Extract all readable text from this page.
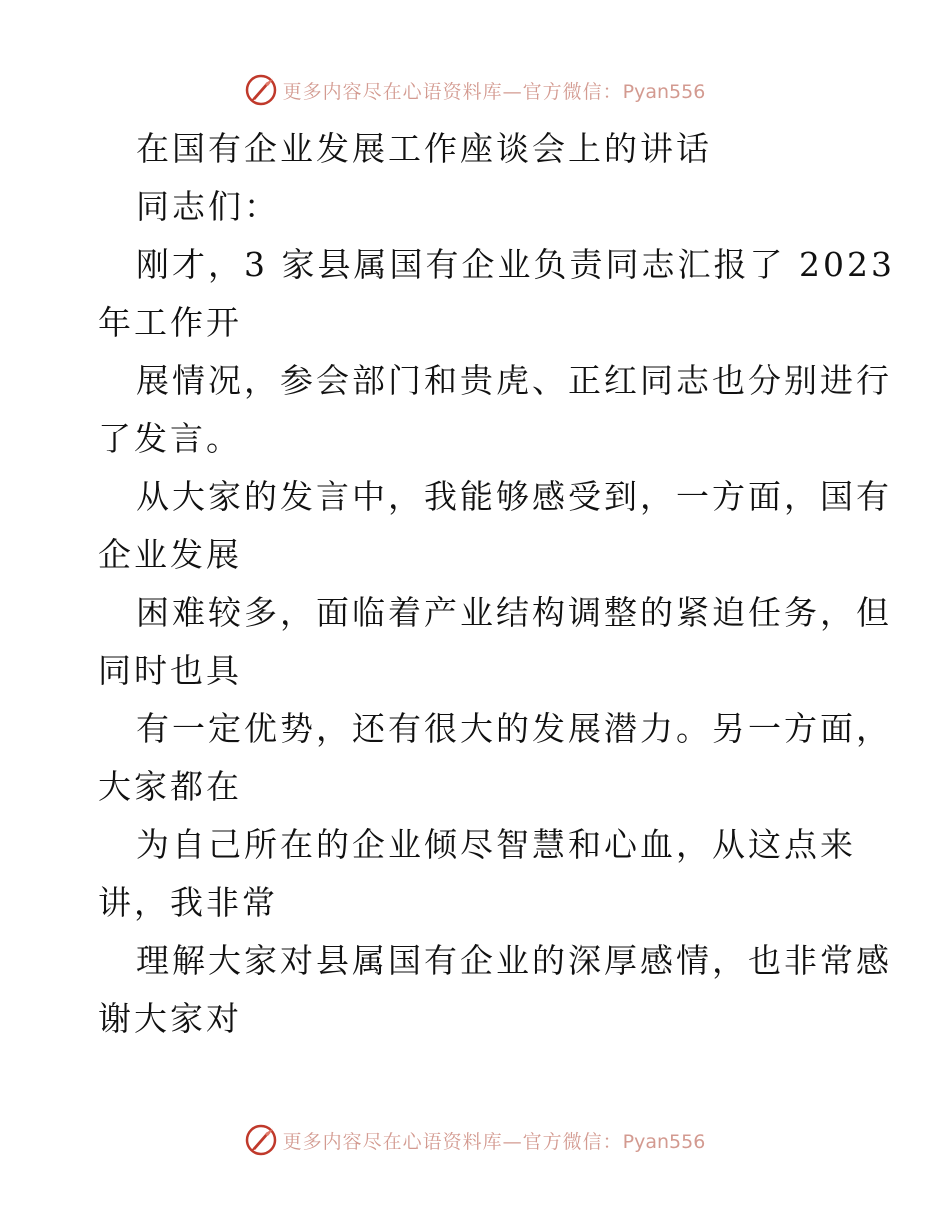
更多内容尽在心语资料库—官方微信：Pyan556
在国有企业发展工作座谈会上的讲话
同志们：
刚才，3 家县属国有企业负责同志汇报了 2023
年工作开
展情况，参会部门和贵虎、正红同志也分别进行
了发言。
从大家的发言中，我能够感受到，一方面，国有
企业发展
困难较多，面临着产业结构调整的紧迫任务，但
同时也具
有一定优势，还有很大的发展潜力。另一方面，
大家都在
为自己所在的企业倾尽智慧和心血，从这点来
讲，我非常
理解大家对县属国有企业的深厚感情，也非常感
谢大家对
更多内容尽在心语资料库—官方微信：Pyan556
